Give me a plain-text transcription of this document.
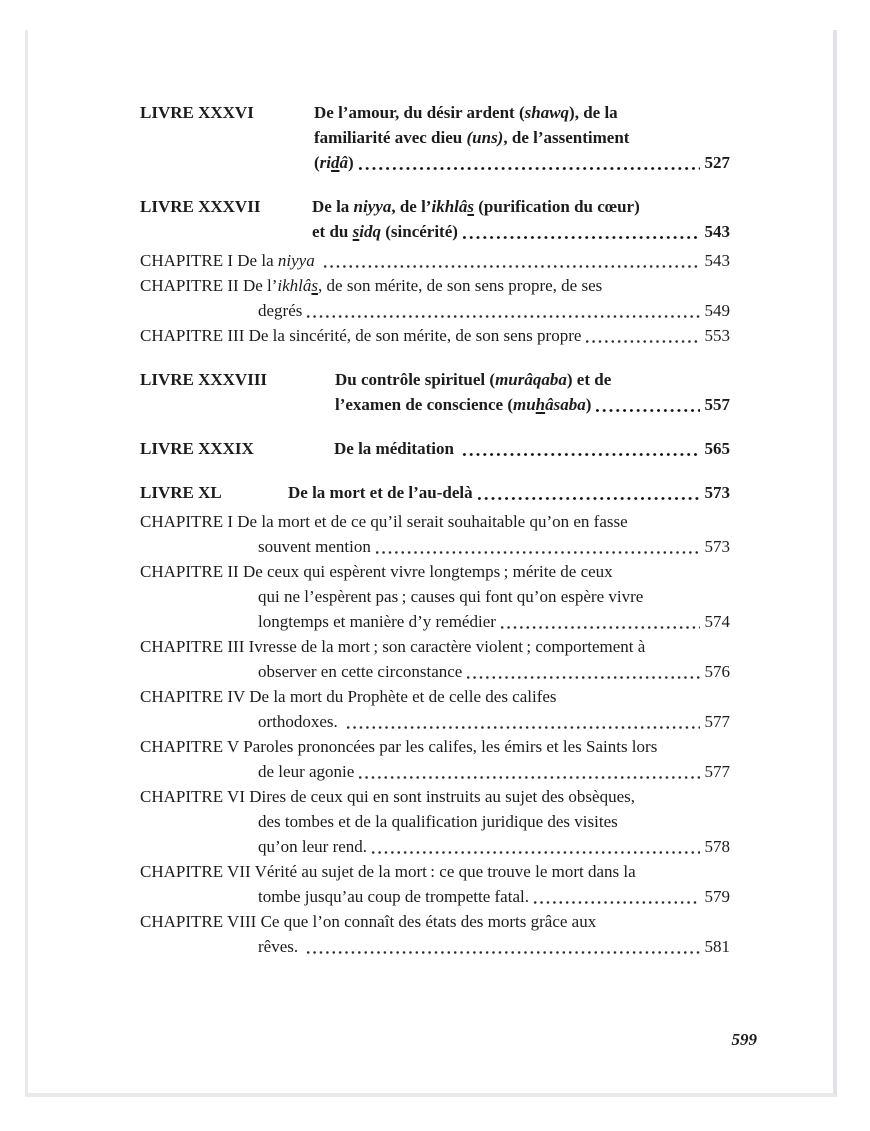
LIVRE XXXVI	De l’amour, du désir ardent (shawq), de la
familiarité avec dieu (uns), de l’assentiment
(ridâ)	527
LIVRE XXXVII	De la niyya, de l’ikhlâs (purification du cœur)
et du sidq (sincérité)	543
CHAPITRE I De la niyya	543
CHAPITRE II De l’ikhlâs, de son mérite, de son sens propre, de ses
degrés	549
CHAPITRE III De la sincérité, de son mérite, de son sens propre	553
LIVRE XXXVIII	Du contrôle spirituel (murâqaba) et de
l’examen de conscience (muhâsaba)	557
LIVRE XXXIX	De la méditation	565
LIVRE XL	De la mort et de l’au-delà	573
CHAPITRE I De la mort et de ce qu’il serait souhaitable qu’on en fasse
souvent mention	573
CHAPITRE II De ceux qui espèrent vivre longtemps ; mérite de ceux
qui ne l’espèrent pas ; causes qui font qu’on espère vivre
longtemps et manière d’y remédier	574
CHAPITRE III Ivresse de la mort ; son caractère violent ; comportement à
observer en cette circonstance	576
CHAPITRE IV De la mort du Prophète et de celle des califes
orthodoxes.	577
CHAPITRE V Paroles prononcées par les califes, les émirs et les Saints lors
de leur agonie	577
CHAPITRE VI Dires de ceux qui en sont instruits au sujet des obsèques,
des tombes et de la qualification juridique des visites
qu’on leur rend.	578
CHAPITRE VII Vérité au sujet de la mort : ce que trouve le mort dans la
tombe jusqu’au coup de trompette fatal.	579
CHAPITRE VIII Ce que l’on connaît des états des morts grâce aux
rêves.	581
599
